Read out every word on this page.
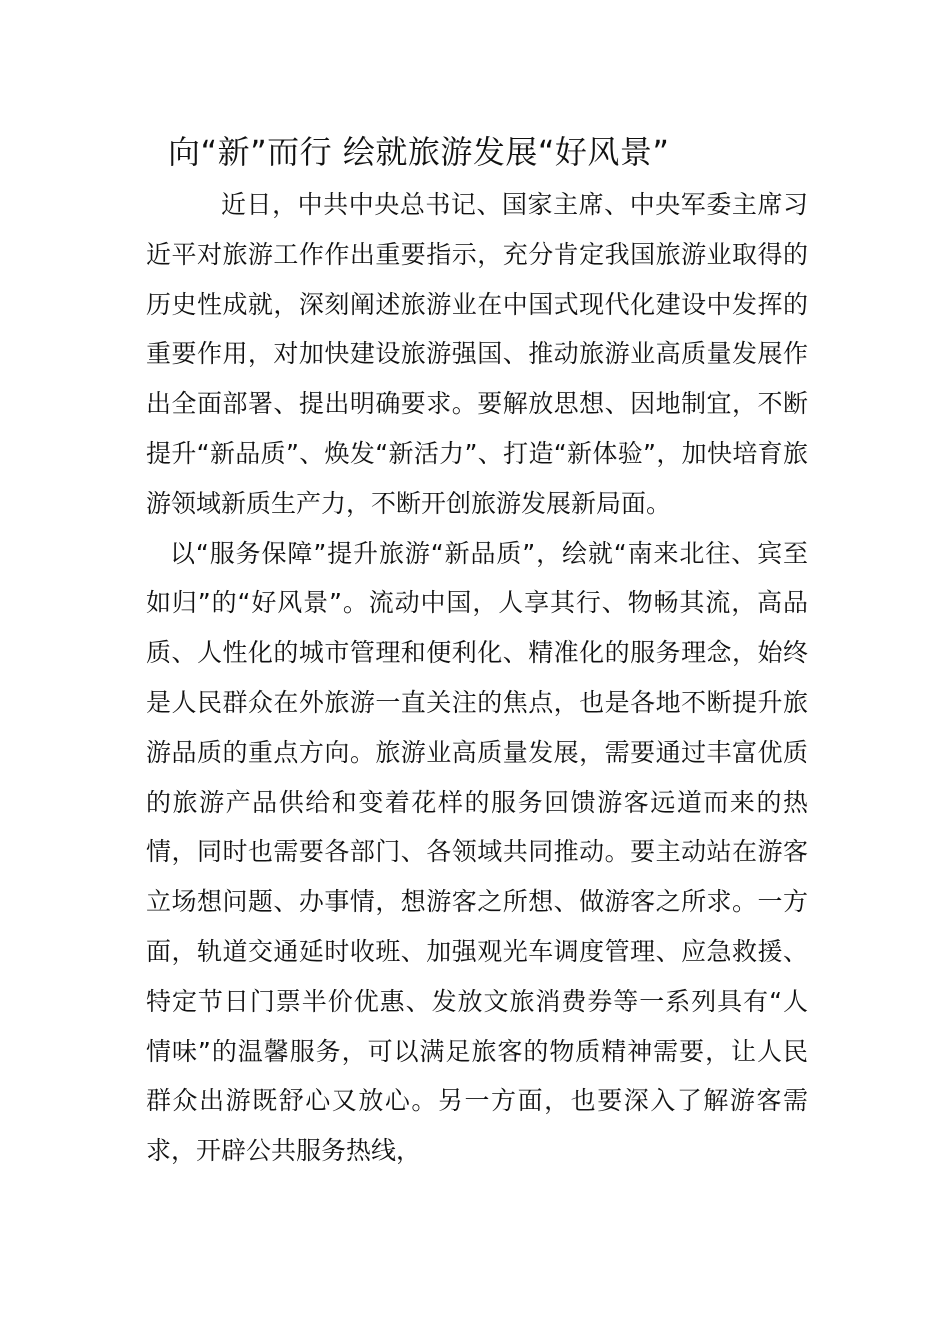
向“新”而行 绘就旅游发展“好风景”

近日，中共中央总书记、国家主席、中央军委主席习近平对旅游工作作出重要指示，充分肯定我国旅游业取得的历史性成就，深刻阐述旅游业在中国式现代化建设中发挥的重要作用，对加快建设旅游强国、推动旅游业高质量发展作出全面部署、提出明确要求。要解放思想、因地制宜，不断提升“新品质”、焕发“新活力”、打造“新体验”，加快培育旅游领域新质生产力，不断开创旅游发展新局面。

以“服务保障”提升旅游“新品质”，绘就“南来北往、宾至如归”的“好风景”。流动中国，人享其行、物畅其流，高品质、人性化的城市管理和便利化、精准化的服务理念，始终是人民群众在外旅游一直关注的焦点，也是各地不断提升旅游品质的重点方向。旅游业高质量发展，需要通过丰富优质的旅游产品供给和变着花样的服务回馈游客远道而来的热情，同时也需要各部门、各领域共同推动。要主动站在游客立场想问题、办事情，想游客之所想、做游客之所求。一方面，轨道交通延时收班、加强观光车调度管理、应急救援、特定节日门票半价优惠、发放文旅消费券等一系列具有“人情味”的温馨服务，可以满足旅客的物质精神需要，让人民群众出游既舒心又放心。另一方面，也要深入了解游客需求，开辟公共服务热线，
